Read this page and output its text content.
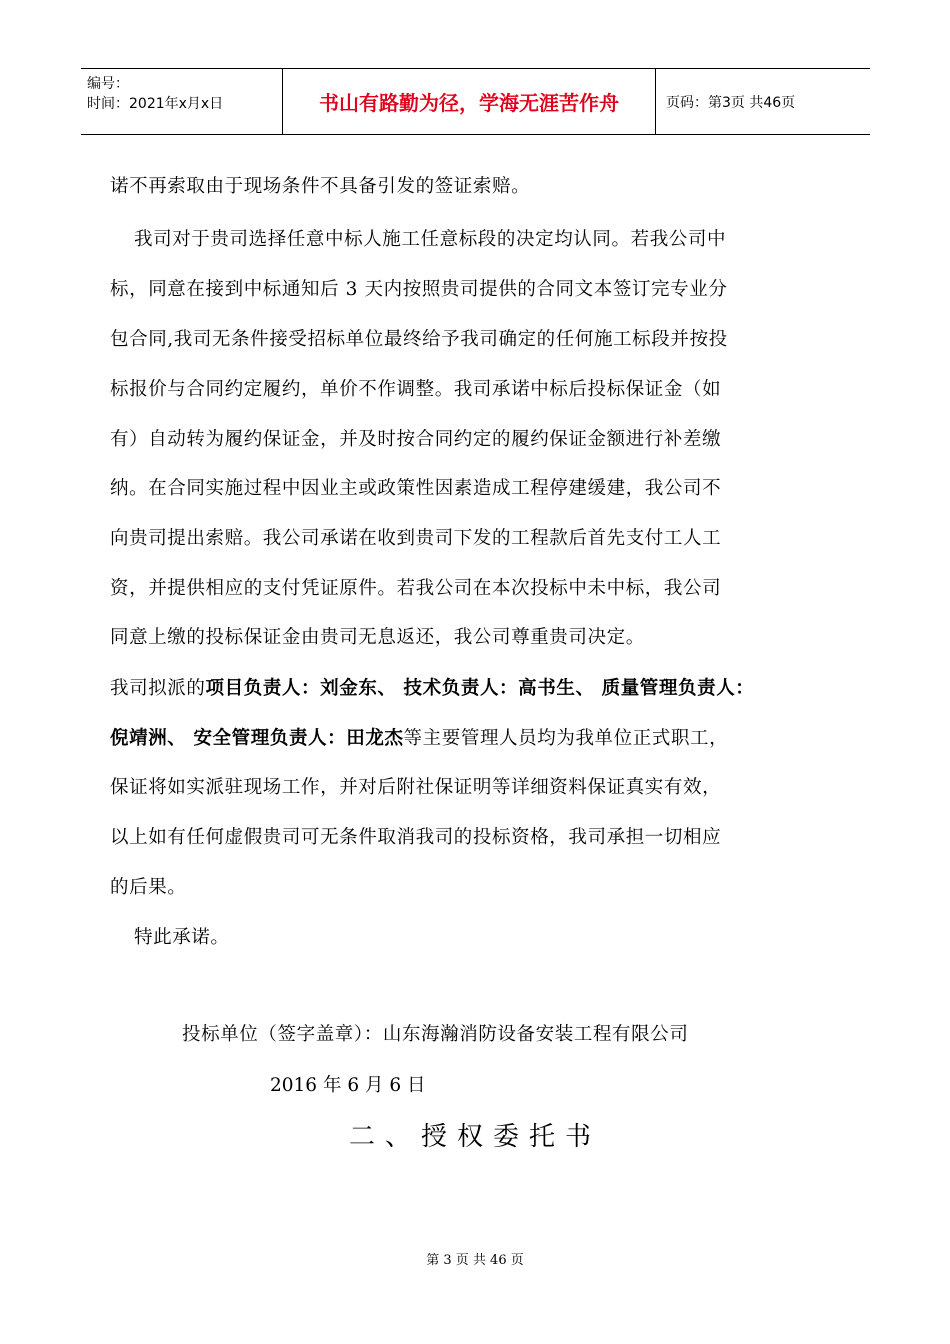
编号：
时间：2021年x月x日	书山有路勤为径，学海无涯苦作舟	页码：第3页 共46页
诺不再索取由于现场条件不具备引发的签证索赔。
我司对于贵司选择任意中标人施工任意标段的决定均认同。若我公司中
标，同意在接到中标通知后 3 天内按照贵司提供的合同文本签订完专业分
包合同,我司无条件接受招标单位最终给予我司确定的任何施工标段并按投
标报价与合同约定履约，单价不作调整。我司承诺中标后投标保证金（如
有）自动转为履约保证金，并及时按合同约定的履约保证金额进行补差缴
纳。在合同实施过程中因业主或政策性因素造成工程停建缓建，我公司不
向贵司提出索赔。我公司承诺在收到贵司下发的工程款后首先支付工人工
资，并提供相应的支付凭证原件。若我公司在本次投标中未中标，我公司
同意上缴的投标保证金由贵司无息返还，我公司尊重贵司决定。
我司拟派的项目负责人：刘金东、 技术负责人：高书生、 质量管理负责人：
倪靖洲、 安全管理负责人：田龙杰等主要管理人员均为我单位正式职工，
保证将如实派驻现场工作，并对后附社保证明等详细资料保证真实有效，
以上如有任何虚假贵司可无条件取消我司的投标资格，我司承担一切相应
的后果。
特此承诺。
投标单位（签字盖章）：山东海瀚消防设备安装工程有限公司
2016 年 6 月 6 日
二、授权委托书
第 3 页 共 46 页
